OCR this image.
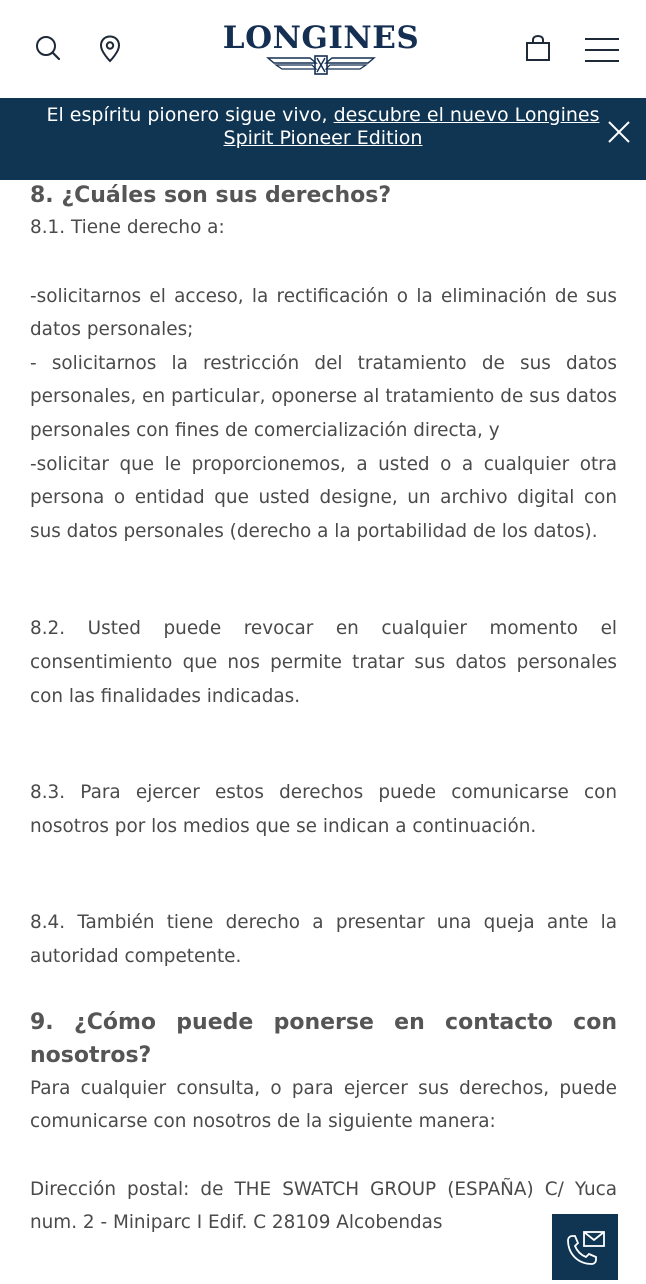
LONGINES
El espíritu pionero sigue vivo, descubre el nuevo Longines Spirit Pioneer Edition
8. ¿Cuáles son sus derechos?

8.1. Tiene derecho a:

-solicitarnos el acceso, la rectificación o la eliminación de sus datos personales;

- solicitarnos la restricción del tratamiento de sus datos personales, en particular, oponerse al tratamiento de sus datos personales con fines de comercialización directa, y

-solicitar que le proporcionemos, a usted o a cualquier otra persona o entidad que usted designe, un archivo digital con sus datos personales (derecho a la portabilidad de los datos).

8.2. Usted puede revocar en cualquier momento el consentimiento que nos permite tratar sus datos personales con las finalidades indicadas.

8.3. Para ejercer estos derechos puede comunicarse con nosotros por los medios que se indican a continuación.

8.4. También tiene derecho a presentar una queja ante la autoridad competente.

9. ¿Cómo puede ponerse en contacto con nosotros?

Para cualquier consulta, o para ejercer sus derechos, puede comunicarse con nosotros de la siguiente manera:

Dirección postal: de THE SWATCH GROUP (ESPAÑA) C/ Yuca num. 2 - Miniparc I Edif. C 28109 Alcobendas
